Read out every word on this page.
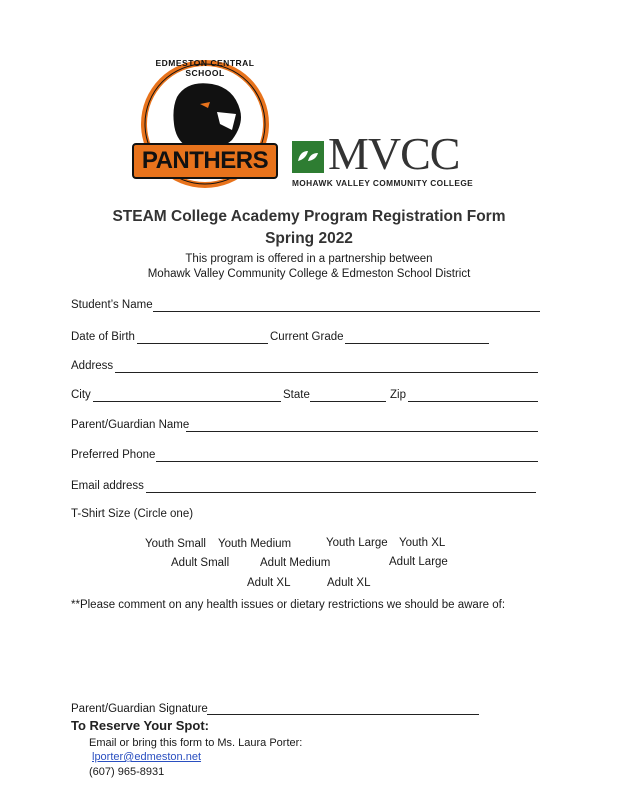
EDMESTON CENTRAL SCHOOL
PANTHERS MVCC
MOHAWK VALLEY COMMUNITY COLLEGE
STEAM College Academy Program Registration Form
Spring 2022
This program is offered in a partnership between
Mohawk Valley Community College & Edmeston School District
Student’s Name
Date of Birth	Current Grade
Address
City	State	Zip
Parent/Guardian Name
Preferred Phone
Email address
T-Shirt Size (Circle one)
Youth Small Youth Medium	Youth Large Youth XL
Adult Small	Adult Medium	Adult Large
Adult XL	Adult XL
**Please comment on any health issues or dietary restrictions we should be aware of:
Parent/Guardian Signature
To Reserve Your Spot:
Email or bring this form to Ms. Laura Porter:
lporter@edmeston.net
(607) 965-8931
